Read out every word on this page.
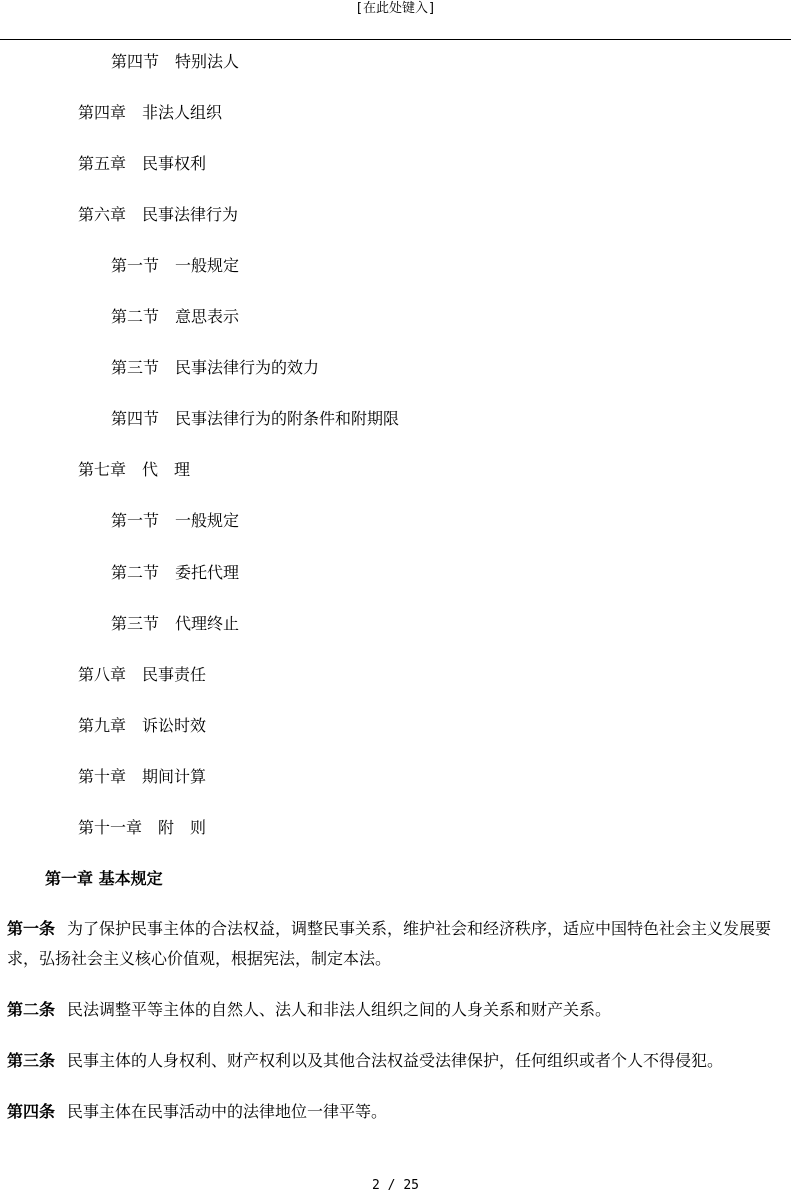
[在此处键入]
第四节 特别法人
第四章 非法人组织
第五章 民事权利
第六章 民事法律行为
第一节 一般规定
第二节 意思表示
第三节 民事法律行为的效力
第四节 民事法律行为的附条件和附期限
第七章 代　理
第一节 一般规定
第二节 委托代理
第三节 代理终止
第八章 民事责任
第九章 诉讼时效
第十章 期间计算
第十一章 附　则
第一章 基本规定
第一条 为了保护民事主体的合法权益，调整民事关系，维护社会和经济秩序，适应中国特色社会主义发展要求，弘扬社会主义核心价值观，根据宪法，制定本法。
第二条 民法调整平等主体的自然人、法人和非法人组织之间的人身关系和财产关系。
第三条 民事主体的人身权利、财产权利以及其他合法权益受法律保护，任何组织或者个人不得侵犯。
第四条 民事主体在民事活动中的法律地位一律平等。
2 / 25
